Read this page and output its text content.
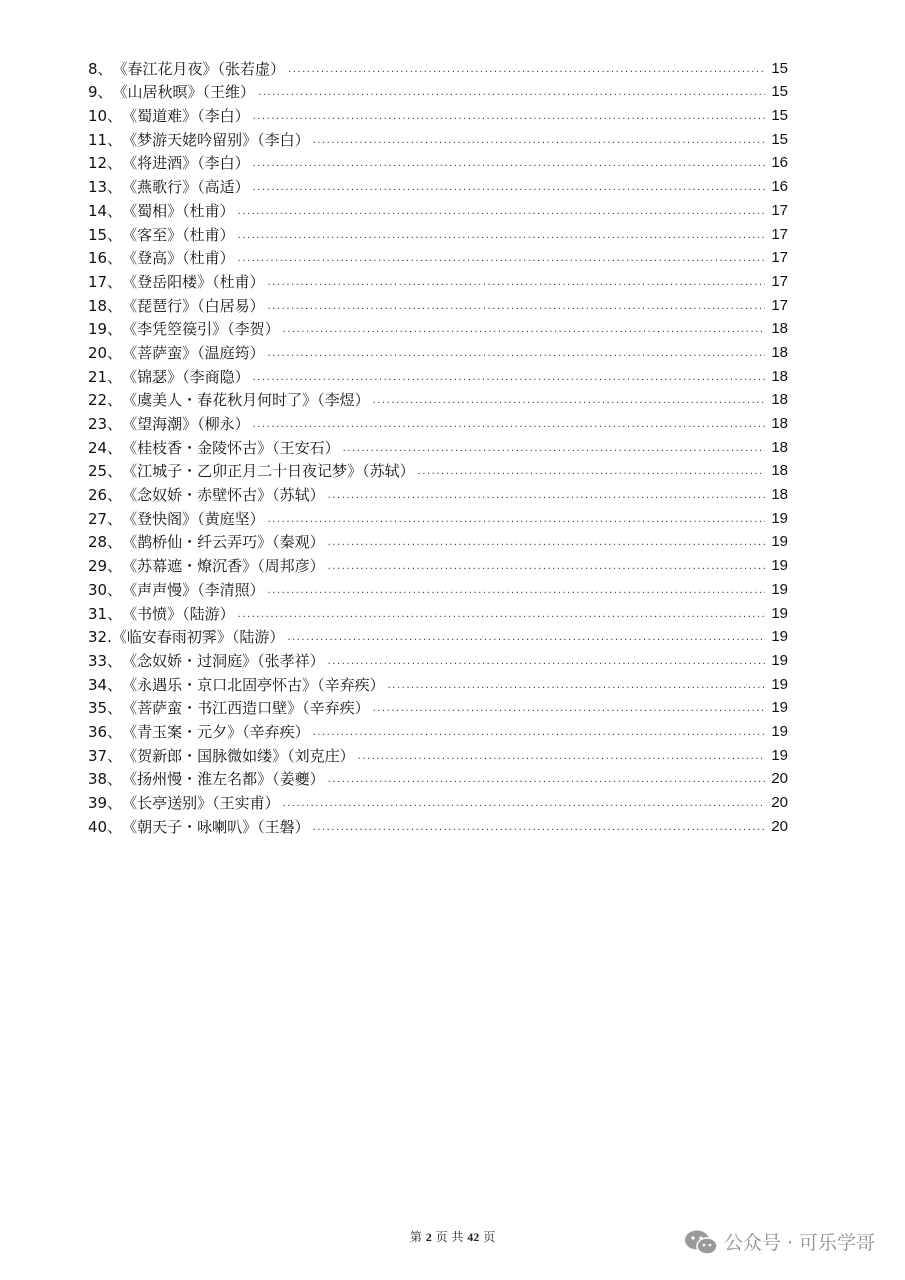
8、 《春江花月夜》（张若虚） .....	15
9、 《山居秋暝》（王维） .....	15
10、 《蜀道难》（李白） .....	15
11、 《梦游天姥吟留别》（李白） .....	15
12、 《将进酒》（李白） .....	16
13、 《燕歌行》（高适） .....	16
14、 《蜀相》（杜甫） .....	17
15、 《客至》（杜甫） .....	17
16、 《登高》（杜甫） .....	17
17、 《登岳阳楼》（杜甫） .....	17
18、 《琵琶行》（白居易） .....	17
19、 《李凭箜篌引》（李贺） .....	18
20、 《菩萨蛮》（温庭筠） .....	18
21、 《锦瑟》（李商隐） .....	18
22、 《虞美人・春花秋月何时了》（李煜） .....	18
23、 《望海潮》（柳永） .....	18
24、 《桂枝香・金陵怀古》（王安石） .....	18
25、 《江城子・乙卯正月二十日夜记梦》（苏轼） .....	18
26、 《念奴娇・赤壁怀古》（苏轼） .....	18
27、 《登快阁》（黄庭坚） .....	19
28、 《鹊桥仙・纤云弄巧》（秦观） .....	19
29、 《苏幕遮・燎沉香》（周邦彦） .....	19
30、 《声声慢》（李清照） .....	19
31、 《书愤》（陆游） .....	19
32. 《临安春雨初霁》（陆游） .....	19
33、 《念奴娇・过洞庭》（张孝祥） .....	19
34、 《永遇乐・京口北固亭怀古》（辛弃疾） .....	19
35、 《菩萨蛮・书江西造口壁》（辛弃疾） .....	19
36、 《青玉案・元夕》（辛弃疾） .....	19
37、 《贺新郎・国脉微如缕》（刘克庄） .....	19
38、 《扬州慢・淮左名都》（姜夔） .....	20
39、 《长亭送别》（王实甫） .....	20
40、 《朝天子・咏喇叭》（王磐） .....	20
第 2 页 共 42 页	公众号 · 可乐学哥
